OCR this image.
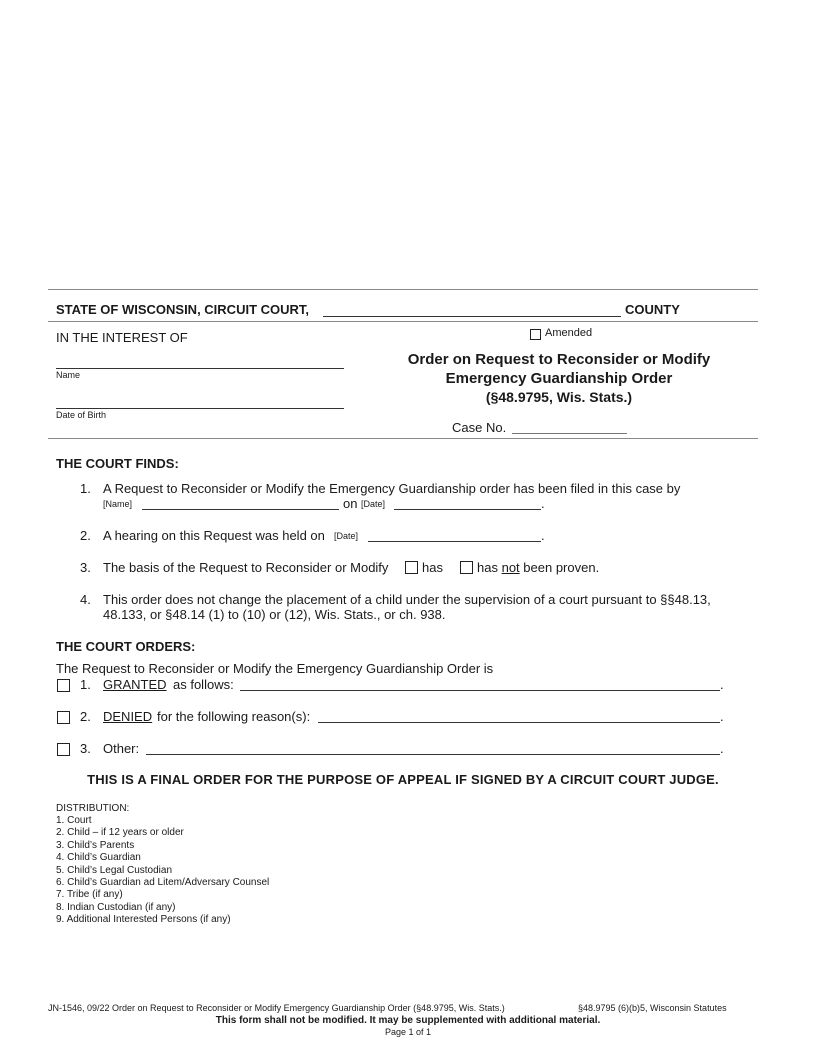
STATE OF WISCONSIN, CIRCUIT COURT,	COUNTY
IN THE INTEREST OF	Amended
Name
Date of Birth
Order on Request to Reconsider or Modify
Emergency Guardianship Order
(§48.9795, Wis. Stats.)
Case No.
THE COURT FINDS:
1. A Request to Reconsider or Modify the Emergency Guardianship order has been filed in this case by
[Name]	on [Date]	.
2. A hearing on this Request was held on [Date]	.
3. The basis of the Request to Reconsider or Modify	has	has not been proven.
4. This order does not change the placement of a child under the supervision of a court pursuant to §§48.13,
48.133, or §48.14 (1) to (10) or (12), Wis. Stats., or ch. 938.
THE COURT ORDERS:
The Request to Reconsider or Modify the Emergency Guardianship Order is
1. GRANTED as follows:	.
2. DENIED for the following reason(s):	.
3. Other:	.
THIS IS A FINAL ORDER FOR THE PURPOSE OF APPEAL IF SIGNED BY A CIRCUIT COURT JUDGE.
DISTRIBUTION:
1. Court
2. Child – if 12 years or older
3. Child’s Parents
4. Child’s Guardian
5. Child’s Legal Custodian
6. Child’s Guardian ad Litem/Adversary Counsel
7. Tribe (if any)
8. Indian Custodian (if any)
9. Additional Interested Persons (if any)
JN-1546, 09/22 Order on Request to Reconsider or Modify Emergency Guardianship Order (§48.9795, Wis. Stats.)	§48.9795 (6)(b)5, Wisconsin Statutes
This form shall not be modified. It may be supplemented with additional material.
Page 1 of 1
